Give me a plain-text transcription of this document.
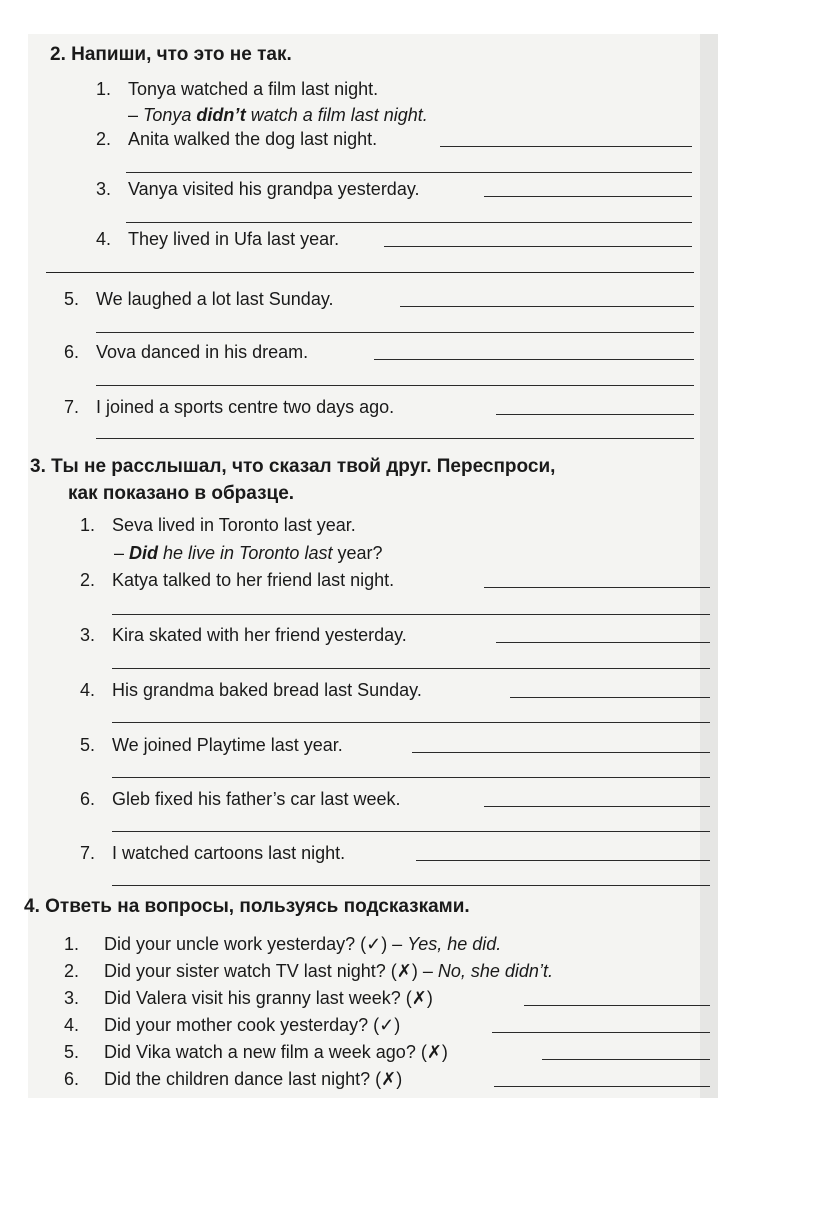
2. Напиши, что это не так.
1. Tonya watched a film last night.
– Tonya didn’t watch a film last night.
2. Anita walked the dog last night.
3. Vanya visited his grandpa yesterday.
4. They lived in Ufa last year.
5. We laughed a lot last Sunday.
6. Vova danced in his dream.
7. I joined a sports centre two days ago.
3. Ты не расслышал, что сказал твой друг. Переспроси,
как показано в образце.
1. Seva lived in Toronto last year.
– Did he live in Toronto last year?
2. Katya talked to her friend last night.
3. Kira skated with her friend yesterday.
4. His grandma baked bread last Sunday.
5. We joined Playtime last year.
6. Gleb fixed his father’s car last week.
7. I watched cartoons last night.
4. Ответь на вопросы, пользуясь подсказками.
1. Did your uncle work yesterday? (✓) – Yes, he did.
2. Did your sister watch TV last night? (✗) – No, she didn’t.
3. Did Valera visit his granny last week? (✗)
4. Did your mother cook yesterday? (✓)
5. Did Vika watch a new film a week ago? (✗)
6. Did the children dance last night? (✗)
